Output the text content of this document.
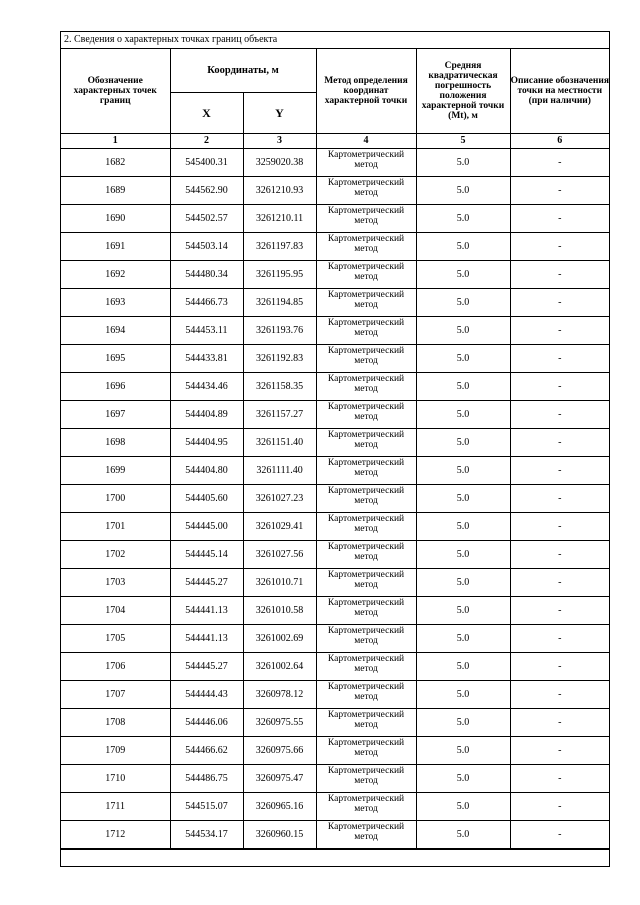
2. Сведения о характерных точках границ объекта
Обозначение характерных точек границ	Координаты, м		Метод определения координат характерной точки	Средняя квадратическая погрешность положения характерной точки (Mt), м	Описание обозначения точки на местности (при наличии)
	X	Y			
1	2	3	4	5	6
1682	545400.31	3259020.38	Картометрический метод	5.0	-
1689	544562.90	3261210.93	Картометрический метод	5.0	-
1690	544502.57	3261210.11	Картометрический метод	5.0	-
1691	544503.14	3261197.83	Картометрический метод	5.0	-
1692	544480.34	3261195.95	Картометрический метод	5.0	-
1693	544466.73	3261194.85	Картометрический метод	5.0	-
1694	544453.11	3261193.76	Картометрический метод	5.0	-
1695	544433.81	3261192.83	Картометрический метод	5.0	-
1696	544434.46	3261158.35	Картометрический метод	5.0	-
1697	544404.89	3261157.27	Картометрический метод	5.0	-
1698	544404.95	3261151.40	Картометрический метод	5.0	-
1699	544404.80	3261111.40	Картометрический метод	5.0	-
1700	544405.60	3261027.23	Картометрический метод	5.0	-
1701	544445.00	3261029.41	Картометрический метод	5.0	-
1702	544445.14	3261027.56	Картометрический метод	5.0	-
1703	544445.27	3261010.71	Картометрический метод	5.0	-
1704	544441.13	3261010.58	Картометрический метод	5.0	-
1705	544441.13	3261002.69	Картометрический метод	5.0	-
1706	544445.27	3261002.64	Картометрический метод	5.0	-
1707	544444.43	3260978.12	Картометрический метод	5.0	-
1708	544446.06	3260975.55	Картометрический метод	5.0	-
1709	544466.62	3260975.66	Картометрический метод	5.0	-
1710	544486.75	3260975.47	Картометрический метод	5.0	-
1711	544515.07	3260965.16	Картометрический метод	5.0	-
1712	544534.17	3260960.15	Картометрический метод	5.0	-
